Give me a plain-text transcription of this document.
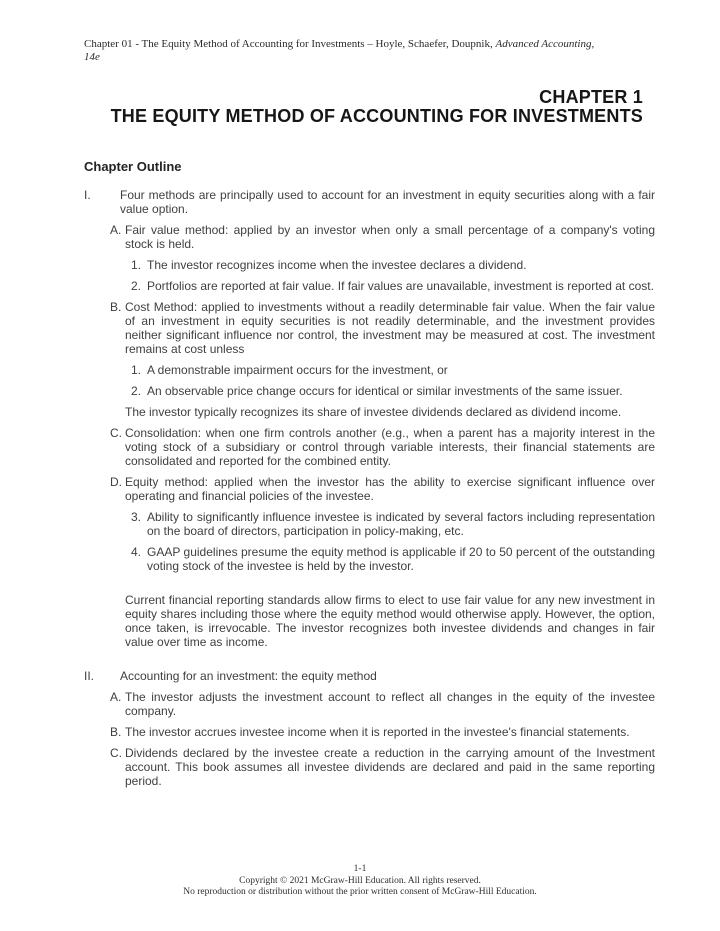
Chapter 01 - The Equity Method of Accounting for Investments – Hoyle, Schaefer, Doupnik, Advanced Accounting,
14e
CHAPTER 1
THE EQUITY METHOD OF ACCOUNTING FOR INVESTMENTS
Chapter Outline
I. Four methods are principally used to account for an investment in equity securities along with a fair value option.
A. Fair value method: applied by an investor when only a small percentage of a company's voting stock is held.
1. The investor recognizes income when the investee declares a dividend.
2. Portfolios are reported at fair value. If fair values are unavailable, investment is reported at cost.
B. Cost Method: applied to investments without a readily determinable fair value. When the fair value of an investment in equity securities is not readily determinable, and the investment provides neither significant influence nor control, the investment may be measured at cost. The investment remains at cost unless
1. A demonstrable impairment occurs for the investment, or
2. An observable price change occurs for identical or similar investments of the same issuer.
The investor typically recognizes its share of investee dividends declared as dividend income.
C. Consolidation: when one firm controls another (e.g., when a parent has a majority interest in the voting stock of a subsidiary or control through variable interests, their financial statements are consolidated and reported for the combined entity.
D. Equity method: applied when the investor has the ability to exercise significant influence over operating and financial policies of the investee.
3. Ability to significantly influence investee is indicated by several factors including representation on the board of directors, participation in policy-making, etc.
4. GAAP guidelines presume the equity method is applicable if 20 to 50 percent of the outstanding voting stock of the investee is held by the investor.
Current financial reporting standards allow firms to elect to use fair value for any new investment in equity shares including those where the equity method would otherwise apply. However, the option, once taken, is irrevocable. The investor recognizes both investee dividends and changes in fair value over time as income.
II. Accounting for an investment: the equity method
A. The investor adjusts the investment account to reflect all changes in the equity of the investee company.
B. The investor accrues investee income when it is reported in the investee's financial statements.
C. Dividends declared by the investee create a reduction in the carrying amount of the Investment account. This book assumes all investee dividends are declared and paid in the same reporting period.
1-1
Copyright © 2021 McGraw-Hill Education. All rights reserved.
No reproduction or distribution without the prior written consent of McGraw-Hill Education.
